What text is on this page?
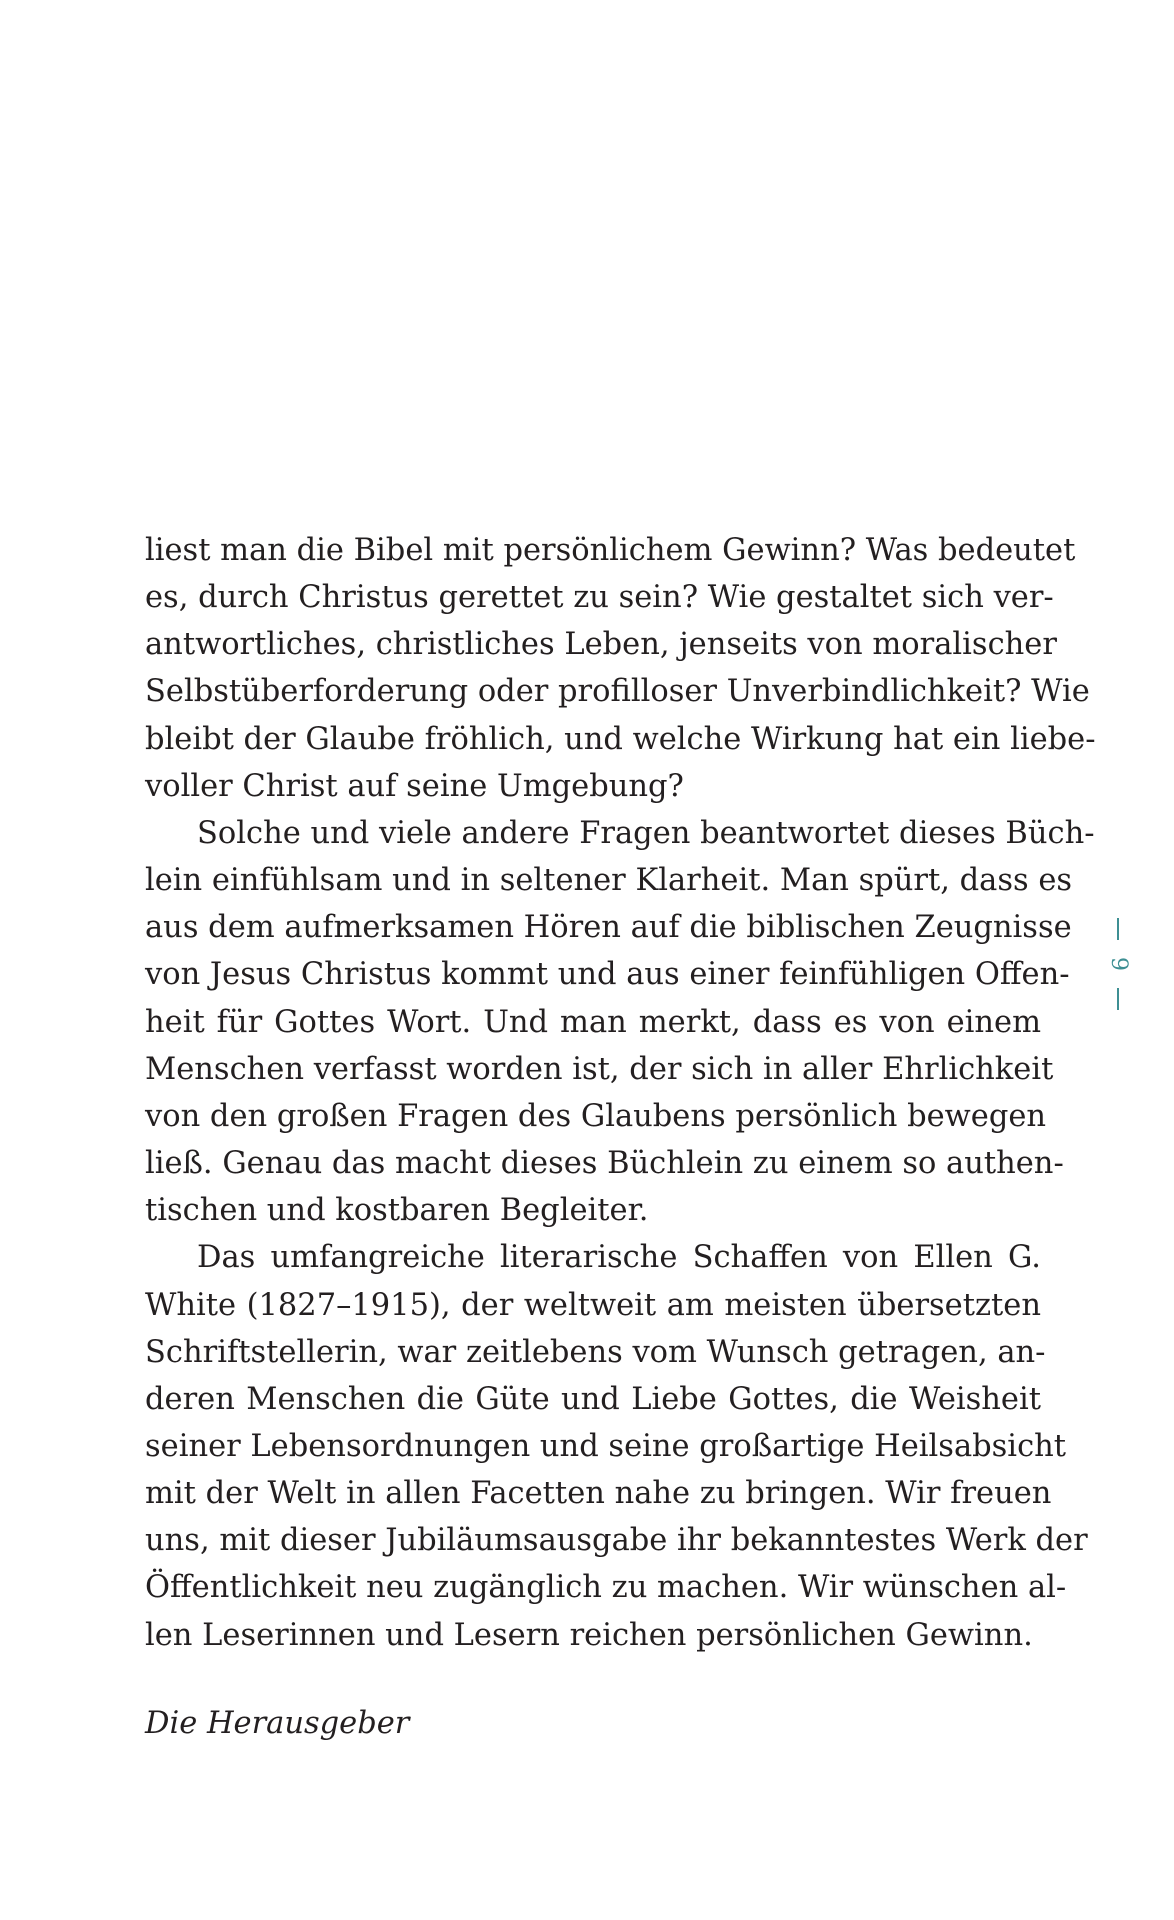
liest man die Bibel mit persönlichem Gewinn? Was bedeutet
es, durch Christus gerettet zu sein? Wie gestaltet sich ver-
antwortliches, christliches Leben, jenseits von moralischer
Selbstüberforderung oder profilloser Unverbindlichkeit? Wie
bleibt der Glaube fröhlich, und welche Wirkung hat ein liebe-
voller Christ auf seine Umgebung?
Solche und viele andere Fragen beantwortet dieses Büch-
lein einfühlsam und in seltener Klarheit. Man spürt, dass es
aus dem aufmerksamen Hören auf die biblischen Zeugnisse
von Jesus Christus kommt und aus einer feinfühligen Offen-
heit für Gottes Wort. Und man merkt, dass es von einem
Menschen verfasst worden ist, der sich in aller Ehrlichkeit
von den großen Fragen des Glaubens persönlich bewegen
ließ. Genau das macht dieses Büchlein zu einem so authen-
tischen und kostbaren Begleiter.
Das umfangreiche literarische Schaffen von Ellen G.
White (1827–1915), der weltweit am meisten übersetzten
Schriftstellerin, war zeitlebens vom Wunsch getragen, an-
deren Menschen die Güte und Liebe Gottes, die Weisheit
seiner Lebensordnungen und seine großartige Heilsabsicht
mit der Welt in allen Facetten nahe zu bringen. Wir freuen
uns, mit dieser Jubiläumsausgabe ihr bekanntestes Werk der
Öffentlichkeit neu zugänglich zu machen. Wir wünschen al-
len Leserinnen und Lesern reichen persönlichen Gewinn.
Die Herausgeber
9
